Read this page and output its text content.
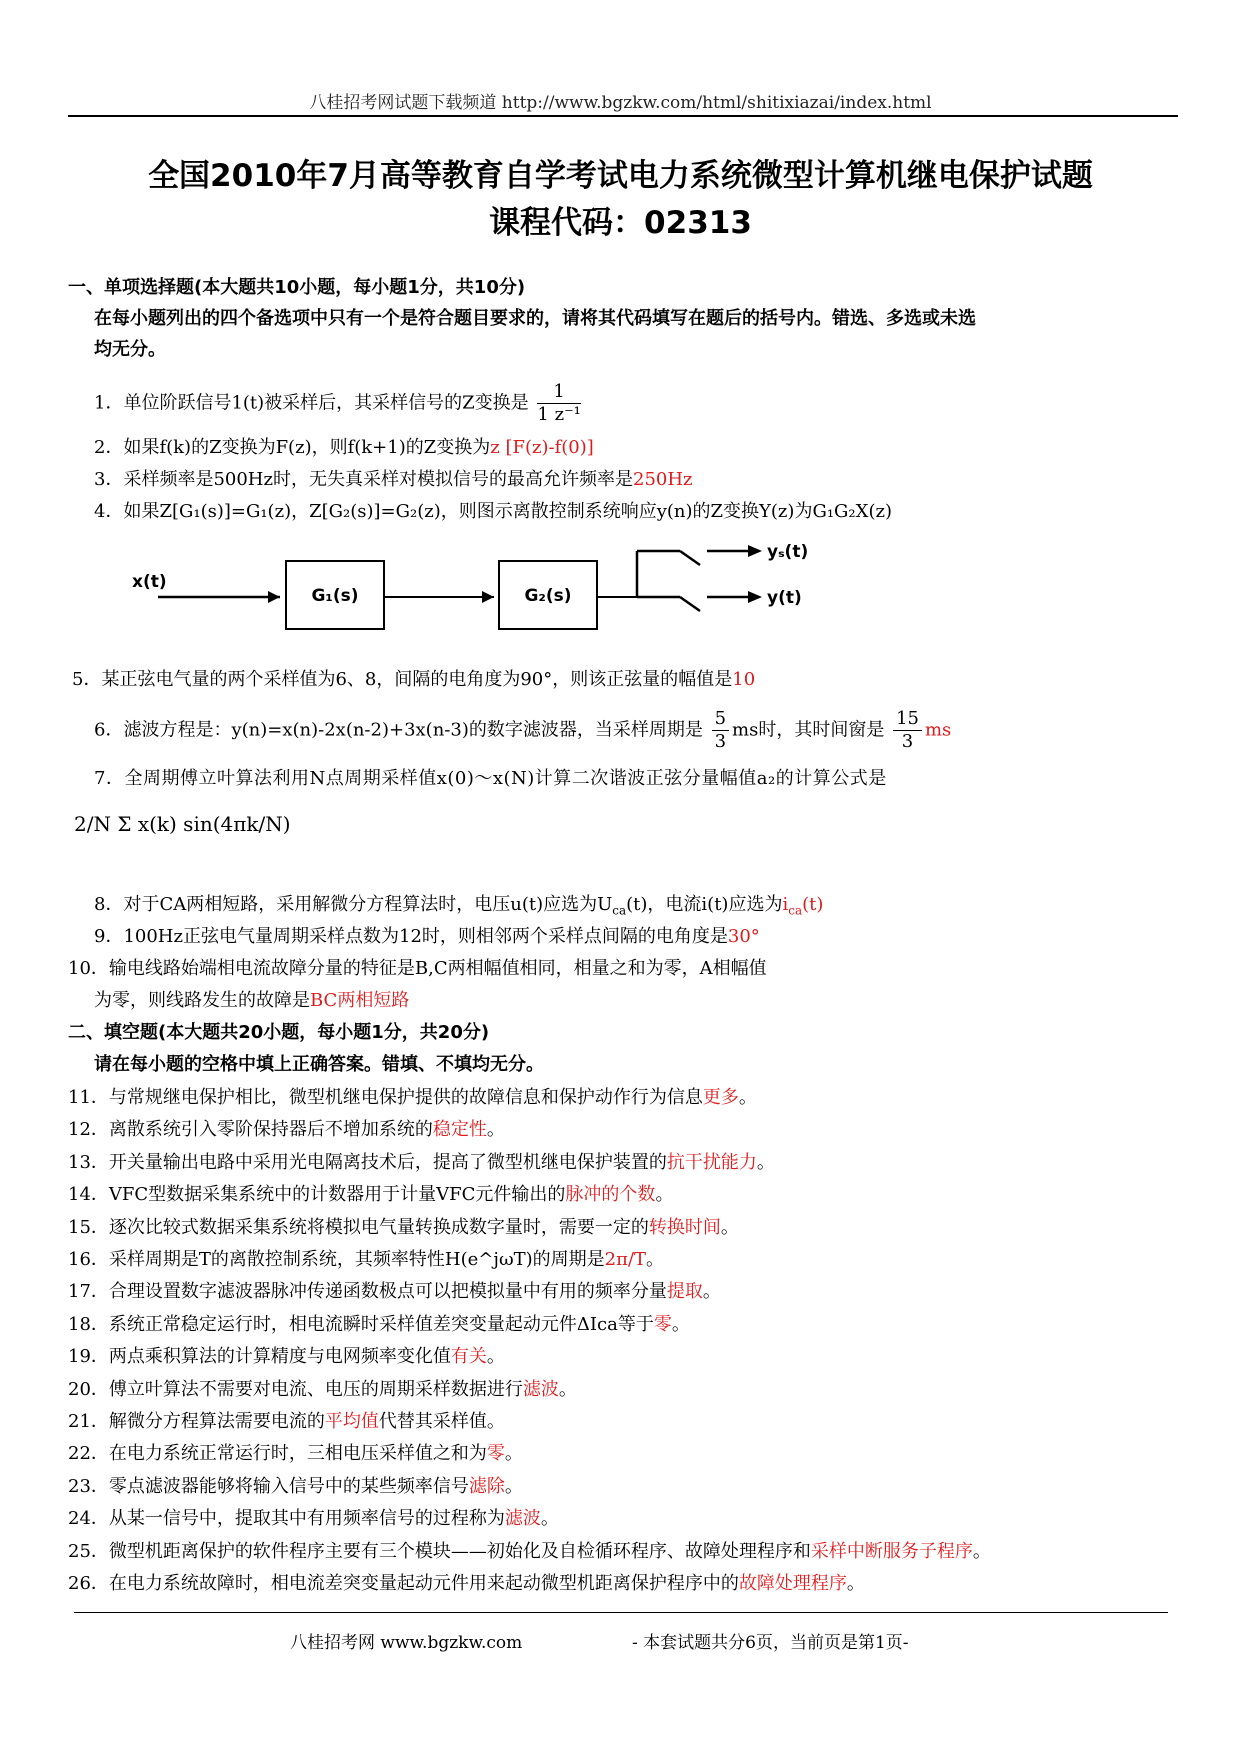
八桂招考网试题下载频道 http://www.bgzkw.com/html/shitixiazai/index.html
全国2010年7月高等教育自学考试电力系统微型计算机继电保护试题
课程代码：02313
一、单项选择题(本大题共10小题，每小题1分，共10分)
在每小题列出的四个备选项中只有一个是符合题目要求的，请将其代码填写在题后的括号内。错选、多选或未选
均无分。
1．单位阶跃信号1(t)被采样后，其采样信号的Z变换是 $\frac{1}{\text{1 z⁻¹}}$
2．如果f(k)的Z变换为F(z)，则f(k+1)的Z变换为z [F(z)-f(0)]
3．采样频率是500Hz时，无失真采样对模拟信号的最高允许频率是250Hz
4．如果Z[G₁(s)]=G₁(z)，Z[G₂(s)]=G₂(z)，则图示离散控制系统响应y(n)的Z变换Y(z)为G₁G₂X(z)
x(t)
G₁(s)	G₂(s)
yₛ(t)
y(t)
5．某正弦电气量的两个采样值为6、8，间隔的电角度为90°，则该正弦量的幅值是10
6．滤波方程是：y(n)=x(n)-2x(n-2)+3x(n-3)的数字滤波器，当采样周期是 $\frac{5}{3}$ ms时，其时间窗是 $\frac{15}{3}$ ms
7．全周期傅立叶算法利用N点周期采样值x(0)～x(N)计算二次谐波正弦分量幅值a₂的计算公式是
2/N Σ x(k) sin(4πk/N)
8．对于CA两相短路，采用解微分方程算法时，电压u(t)应选为$U_{ca}(t)$，电流i(t)应选为$i_{ca}(t)$
9．100Hz正弦电气量周期采样点数为12时，则相邻两个采样点间隔的电角度是30°
10．输电线路始端相电流故障分量的特征是B,C两相幅值相同，相量之和为零，A相幅值
为零，则线路发生的故障是BC两相短路
二、填空题(本大题共20小题，每小题1分，共20分)
请在每小题的空格中填上正确答案。错填、不填均无分。
11．与常规继电保护相比，微型机继电保护提供的故障信息和保护动作行为信息更多。
12．离散系统引入零阶保持器后不增加系统的稳定性。
13．开关量输出电路中采用光电隔离技术后，提高了微型机继电保护装置的抗干扰能力。
14．VFC型数据采集系统中的计数器用于计量VFC元件输出的脉冲的个数。
15．逐次比较式数据采集系统将模拟电气量转换成数字量时，需要一定的转换时间。
16．采样周期是T的离散控制系统，其频率特性H(e^jωT)的周期是2π/T。
17．合理设置数字滤波器脉冲传递函数极点可以把模拟量中有用的频率分量提取。
18．系统正常稳定运行时，相电流瞬时采样值差突变量起动元件ΔIca等于零。
19．两点乘积算法的计算精度与电网频率变化值有关。
20．傅立叶算法不需要对电流、电压的周期采样数据进行滤波。
21．解微分方程算法需要电流的平均值代替其采样值。
22．在电力系统正常运行时，三相电压采样值之和为零。
23．零点滤波器能够将输入信号中的某些频率信号滤除。
24．从某一信号中，提取其中有用频率信号的过程称为滤波。
25．微型机距离保护的软件程序主要有三个模块——初始化及自检循环程序、故障处理程序和采样中断服务子程序。
26．在电力系统故障时，相电流差突变量起动元件用来起动微型机距离保护程序中的故障处理程序。
八桂招考网 www.bgzkw.com	- 本套试题共分6页，当前页是第1页-
